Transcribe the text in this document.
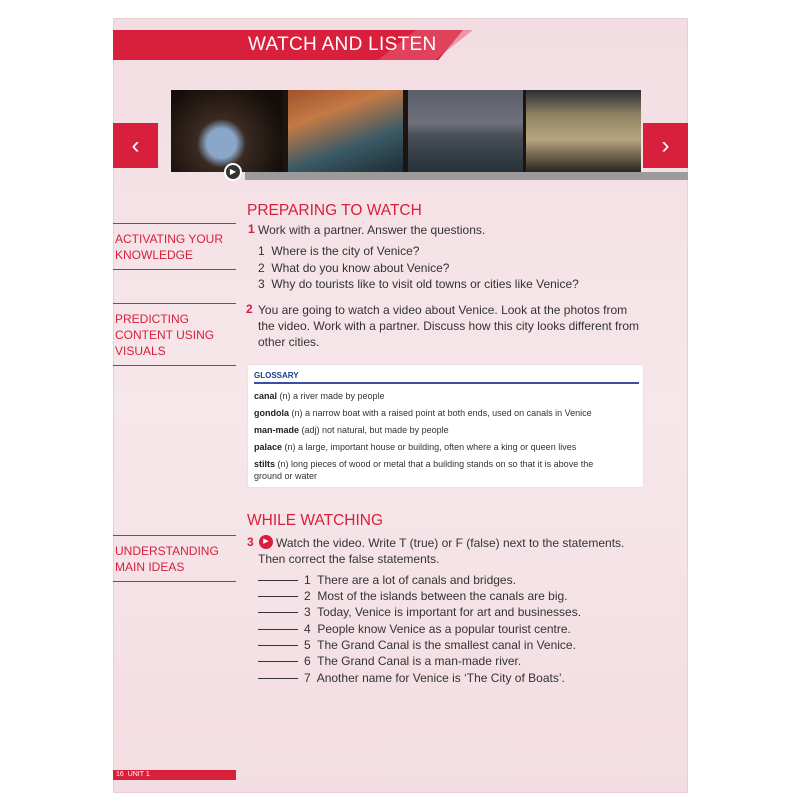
WATCH AND LISTEN
▶
‹	›
ACTIVATING YOUR
KNOWLEDGE
PREDICTING
CONTENT USING
VISUALS
UNDERSTANDING
MAIN IDEAS
PREPARING TO WATCH
1 Work with a partner. Answer the questions.
1 Where is the city of Venice?
2 What do you know about Venice?
3 Why do tourists like to visit old towns or cities like Venice?
2 You are going to watch a video about Venice. Look at the photos from
the video. Work with a partner. Discuss how this city looks different from
other cities.
GLOSSARY
canal (n) a river made by people
gondola (n) a narrow boat with a raised point at both ends, used on canals in Venice
man-made (adj) not natural, but made by people
palace (n) a large, important house or building, often where a king or queen lives
stilts (n) long pieces of wood or metal that a building stands on so that it is above the
ground or water
WHILE WATCHING
3	▶ Watch the video. Write T (true) or F (false) next to the statements.
Then correct the false statements.
1 There are a lot of canals and bridges.
2 Most of the islands between the canals are big.
3 Today, Venice is important for art and businesses.
4 People know Venice as a popular tourist centre.
5 The Grand Canal is the smallest canal in Venice.
6 The Grand Canal is a man-made river.
7 Another name for Venice is ‘The City of Boats’.
16 UNIT 1
